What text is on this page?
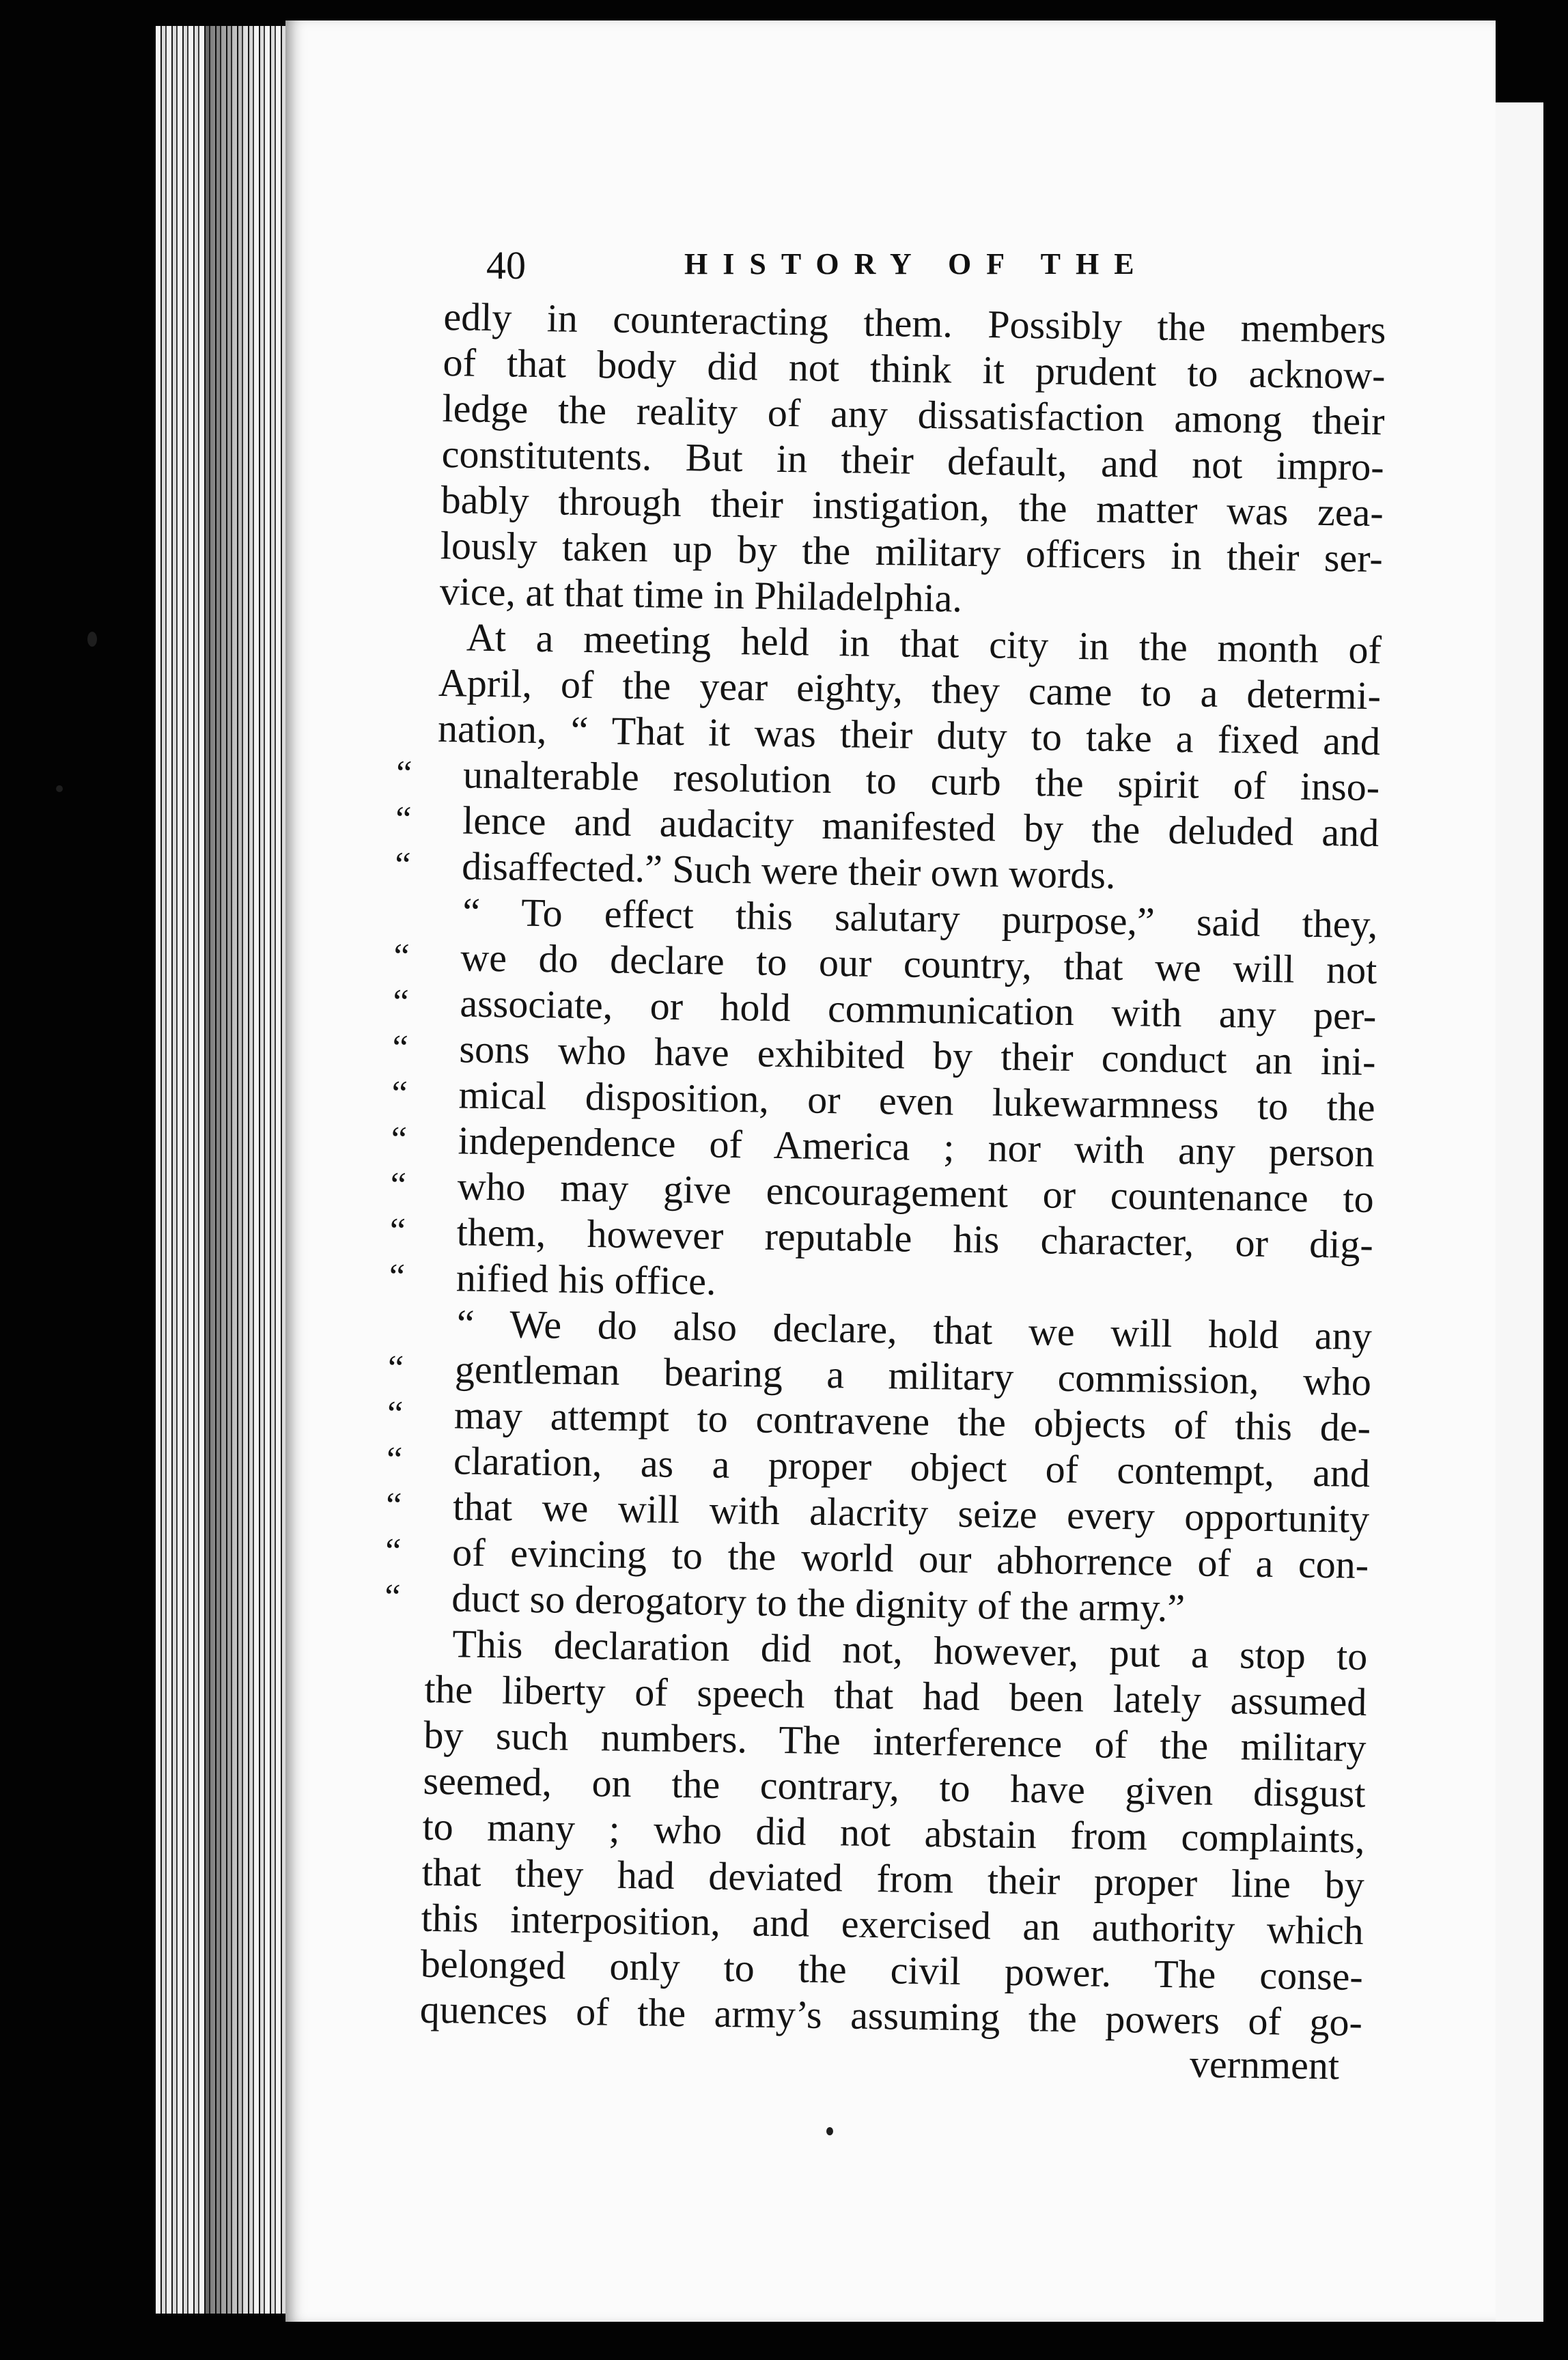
40	HISTORY OF THE
edly in counteracting them. Possibly the members
of that body did not think it prudent to acknow-
ledge the reality of any dissatisfaction among their
constitutents. But in their default, and not impro-
bably through their instigation, the matter was zea-
lously taken up by the military officers in their ser-
vice, at that time in Philadelphia.
At a meeting held in that city in the month of
April, of the year eighty, they came to a determi-
nation, “ That it was their duty to take a fixed and
“	unalterable resolution to curb the spirit of inso-
“	lence and audacity manifested by the deluded and
“	disaffected.” Such were their own words.
“ To effect this salutary purpose,” said they,
“	we do declare to our country, that we will not
“	associate, or hold communication with any per-
“	sons who have exhibited by their conduct an ini-
“	mical disposition, or even lukewarmness to the
“	independence of America ; nor with any person
“	who may give encouragement or countenance to
“	them, however reputable his character, or dig-
“	nified his office.
“ We do also declare, that we will hold any
“	gentleman bearing a military commission, who
“	may attempt to contravene the objects of this de-
“	claration, as a proper object of contempt, and
“	that we will with alacrity seize every opportunity
“	of evincing to the world our abhorrence of a con-
“	duct so derogatory to the dignity of the army.”
This declaration did not, however, put a stop to
the liberty of speech that had been lately assumed
by such numbers. The interference of the military
seemed, on the contrary, to have given disgust
to many ; who did not abstain from complaints,
that they had deviated from their proper line by
this interposition, and exercised an authority which
belonged only to the civil power. The conse-
quences of the army’s assuming the powers of go-
vernment
